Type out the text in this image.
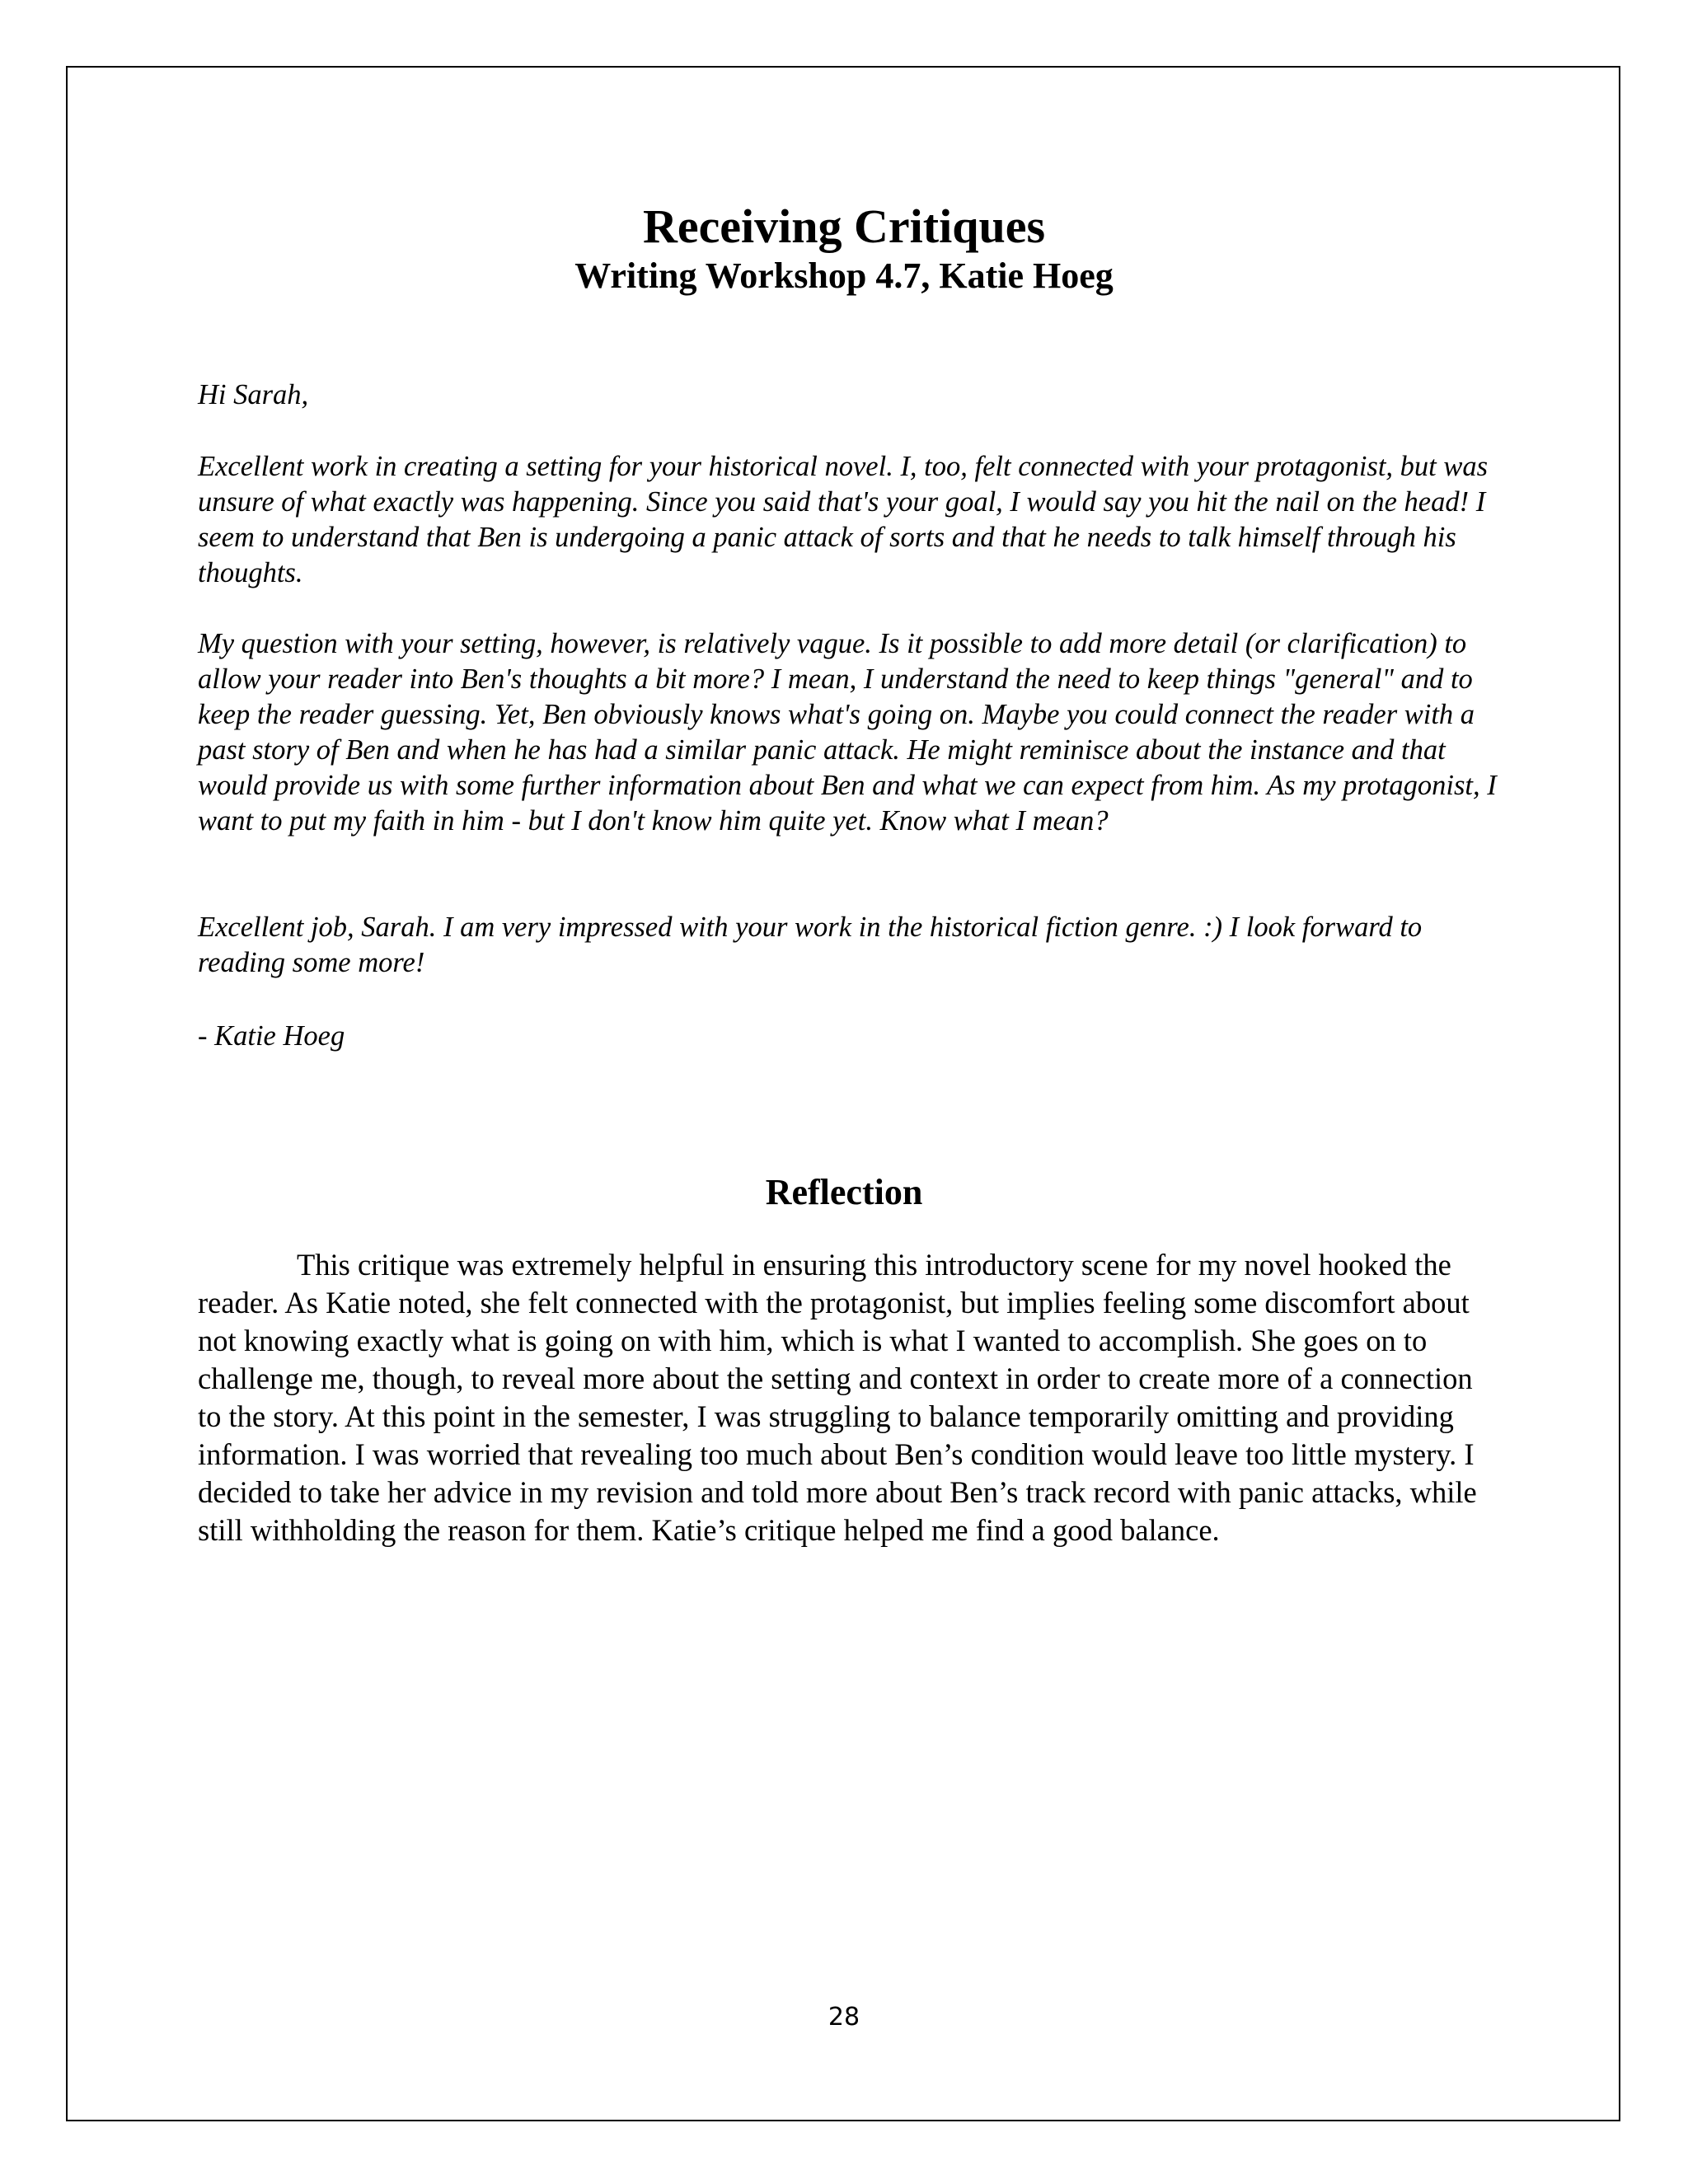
Receiving Critiques
Writing Workshop 4.7, Katie Hoeg
Hi Sarah,

Excellent work in creating a setting for your historical novel. I, too, felt connected with your protagonist, but was unsure of what exactly was happening. Since you said that's your goal, I would say you hit the nail on the head! I seem to understand that Ben is undergoing a panic attack of sorts and that he needs to talk himself through his thoughts.

My question with your setting, however, is relatively vague. Is it possible to add more detail (or clarification) to allow your reader into Ben's thoughts a bit more? I mean, I understand the need to keep things "general" and to keep the reader guessing. Yet, Ben obviously knows what's going on. Maybe you could connect the reader with a past story of Ben and when he has had a similar panic attack. He might reminisce about the instance and that would provide us with some further information about Ben and what we can expect from him. As my protagonist, I want to put my faith in him - but I don't know him quite yet. Know what I mean?

Excellent job, Sarah. I am very impressed with your work in the historical fiction genre. :) I look forward to reading some more!

- Katie Hoeg
Reflection

This critique was extremely helpful in ensuring this introductory scene for my novel hooked the reader. As Katie noted, she felt connected with the protagonist, but implies feeling some discomfort about not knowing exactly what is going on with him, which is what I wanted to accomplish. She goes on to challenge me, though, to reveal more about the setting and context in order to create more of a connection to the story. At this point in the semester, I was struggling to balance temporarily omitting and providing information. I was worried that revealing too much about Ben’s condition would leave too little mystery. I decided to take her advice in my revision and told more about Ben’s track record with panic attacks, while still withholding the reason for them. Katie’s critique helped me find a good balance.

28
